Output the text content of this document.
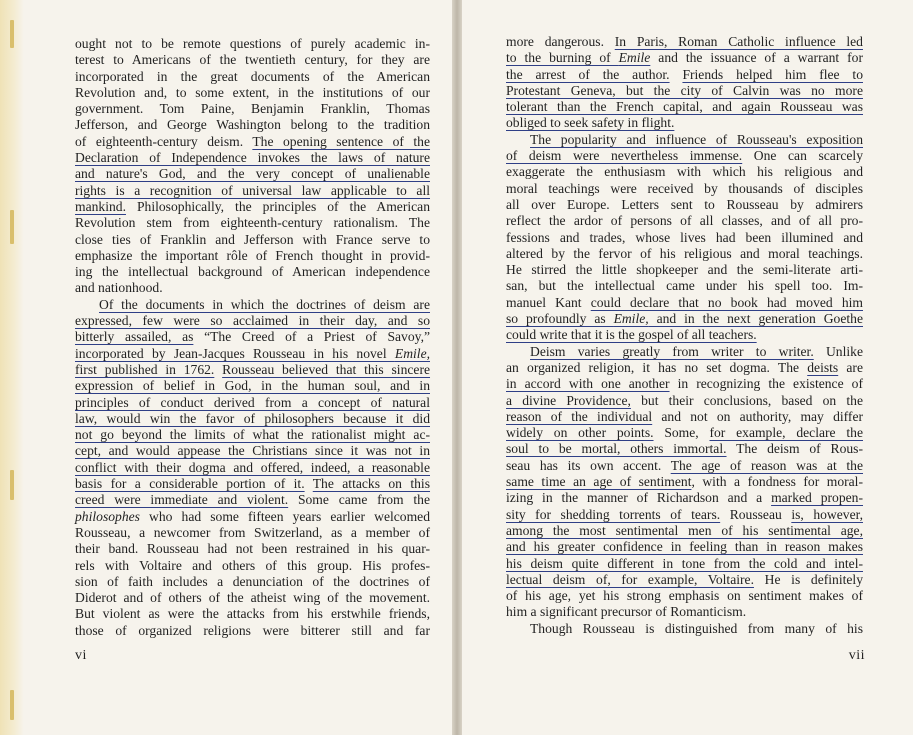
ought not to be remote questions of purely academic in-

terest to Americans of the twentieth century, for they are

incorporated in the great documents of the American

Revolution and, to some extent, in the institutions of our

government. Tom Paine, Benjamin Franklin, Thomas

Jefferson, and George Washington belong to the tradition

of eighteenth-century deism. The opening sentence of the

Declaration of Independence invokes the laws of nature

and nature's God, and the very concept of unalienable

rights is a recognition of universal law applicable to all

mankind. Philosophically, the principles of the American

Revolution stem from eighteenth-century rationalism. The

close ties of Franklin and Jefferson with France serve to

emphasize the important rôle of French thought in provid-

ing the intellectual background of American independence

and nationhood.

Of the documents in which the doctrines of deism are

expressed, few were so acclaimed in their day, and so

bitterly assailed, as “The Creed of a Priest of Savoy,”

incorporated by Jean-Jacques Rousseau in his novel Emile,

first published in 1762. Rousseau believed that this sincere

expression of belief in God, in the human soul, and in

principles of conduct derived from a concept of natural

law, would win the favor of philosophers because it did

not go beyond the limits of what the rationalist might ac-

cept, and would appease the Christians since it was not in

conflict with their dogma and offered, indeed, a reasonable

basis for a considerable portion of it. The attacks on this

creed were immediate and violent. Some came from the

philosophes who had some fifteen years earlier welcomed

Rousseau, a newcomer from Switzerland, as a member of

their band. Rousseau had not been restrained in his quar-

rels with Voltaire and others of this group. His profes-

sion of faith includes a denunciation of the doctrines of

Diderot and of others of the atheist wing of the movement.

But violent as were the attacks from his erstwhile friends,

those of organized religions were bitterer still and far

vi

more dangerous. In Paris, Roman Catholic influence led

to the burning of Emile and the issuance of a warrant for

the arrest of the author. Friends helped him flee to

Protestant Geneva, but the city of Calvin was no more

tolerant than the French capital, and again Rousseau was

obliged to seek safety in flight.

The popularity and influence of Rousseau's exposition

of deism were nevertheless immense. One can scarcely

exaggerate the enthusiasm with which his religious and

moral teachings were received by thousands of disciples

all over Europe. Letters sent to Rousseau by admirers

reflect the ardor of persons of all classes, and of all pro-

fessions and trades, whose lives had been illumined and

altered by the fervor of his religious and moral teachings.

He stirred the little shopkeeper and the semi-literate arti-

san, but the intellectual came under his spell too. Im-

manuel Kant could declare that no book had moved him

so profoundly as Emile, and in the next generation Goethe

could write that it is the gospel of all teachers.

Deism varies greatly from writer to writer. Unlike

an organized religion, it has no set dogma. The deists are

in accord with one another in recognizing the existence of

a divine Providence, but their conclusions, based on the

reason of the individual and not on authority, may differ

widely on other points. Some, for example, declare the

soul to be mortal, others immortal. The deism of Rous-

seau has its own accent. The age of reason was at the

same time an age of sentiment, with a fondness for moral-

izing in the manner of Richardson and a marked propen-

sity for shedding torrents of tears. Rousseau is, however,

among the most sentimental men of his sentimental age,

and his greater confidence in feeling than in reason makes

his deism quite different in tone from the cold and intel-

lectual deism of, for example, Voltaire. He is definitely

of his age, yet his strong emphasis on sentiment makes of

him a significant precursor of Romanticism.

Though Rousseau is distinguished from many of his

vii
